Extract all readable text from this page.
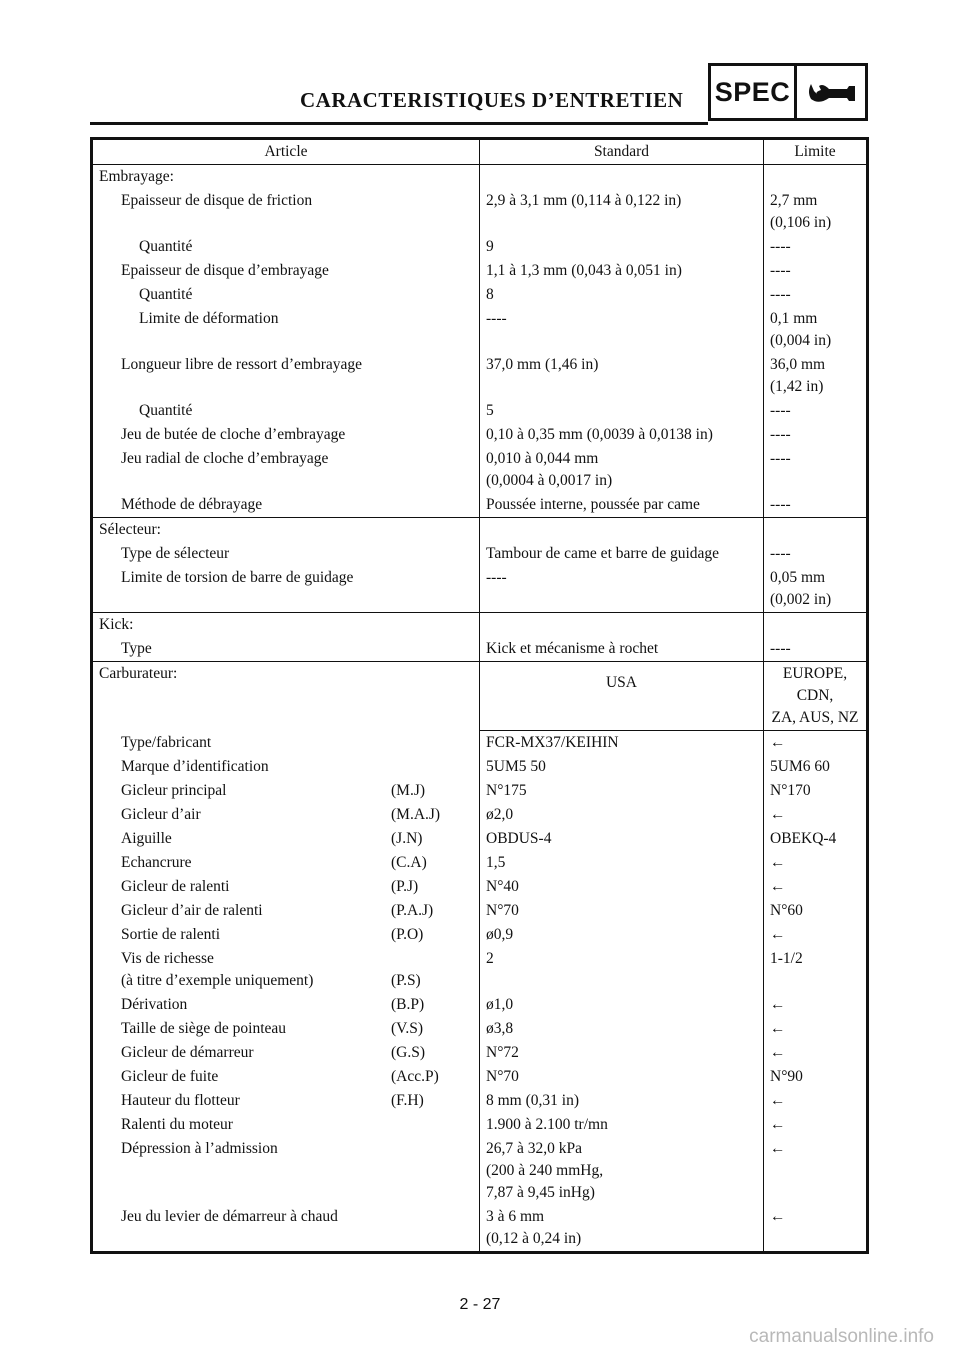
CARACTERISTIQUES D’ENTRETIEN SPEC
Article	Standard	Limite
Embrayage:		
Epaisseur de disque de friction	2,9 à 3,1 mm (0,114 à 0,122 in)	2,7 mm
(0,106 in)
Quantité	9	----
Epaisseur de disque d’embrayage	1,1 à 1,3 mm (0,043 à 0,051 in)	----
Quantité	8	----
Limite de déformation	----	0,1 mm
(0,004 in)
Longueur libre de ressort d’embrayage	37,0 mm (1,46 in)	36,0 mm
(1,42 in)
Quantité	5	----
Jeu de butée de cloche d’embrayage	0,10 à 0,35 mm (0,0039 à 0,0138 in)	----
Jeu radial de cloche d’embrayage	0,010 à 0,044 mm
(0,0004 à 0,0017 in)	----
Méthode de débrayage	Poussée interne, poussée par came	----
Sélecteur:		
Type de sélecteur	Tambour de came et barre de guidage	----
Limite de torsion de barre de guidage	----	0,05 mm
(0,002 in)
Kick:		
Type	Kick et mécanisme à rochet	----
Carburateur:	USA	EUROPE, CDN,
ZA, AUS, NZ
Type/fabricant	FCR-MX37/KEIHIN	←
Marque d’identification	5UM5 50	5UM6 60
Gicleur principal (M.J)	N°175	N°170
Gicleur d’air (M.A.J)	ø2,0	←
Aiguille (J.N)	OBDUS-4	OBEKQ-4
Echancrure (C.A)	1,5	←
Gicleur de ralenti (P.J)	N°40	←
Gicleur d’air de ralenti (P.A.J)	N°70	N°60
Sortie de ralenti (P.O)	ø0,9	←
Vis de richesse
(à titre d’exemple uniquement) (P.S)	2	1-1/2
Dérivation (B.P)	ø1,0	←
Taille de siège de pointeau (V.S)	ø3,8	←
Gicleur de démarreur (G.S)	N°72	←
Gicleur de fuite (Acc.P)	N°70	N°90
Hauteur du flotteur (F.H)	8 mm (0,31 in)	←
Ralenti du moteur	1.900 à 2.100 tr/mn	←
Dépression à l’admission	26,7 à 32,0 kPa
(200 à 240 mmHg,
7,87 à 9,45 inHg)	←
Jeu du levier de démarreur à chaud	3 à 6 mm
(0,12 à 0,24 in)	←
2 - 27
carmanualsonline.info
